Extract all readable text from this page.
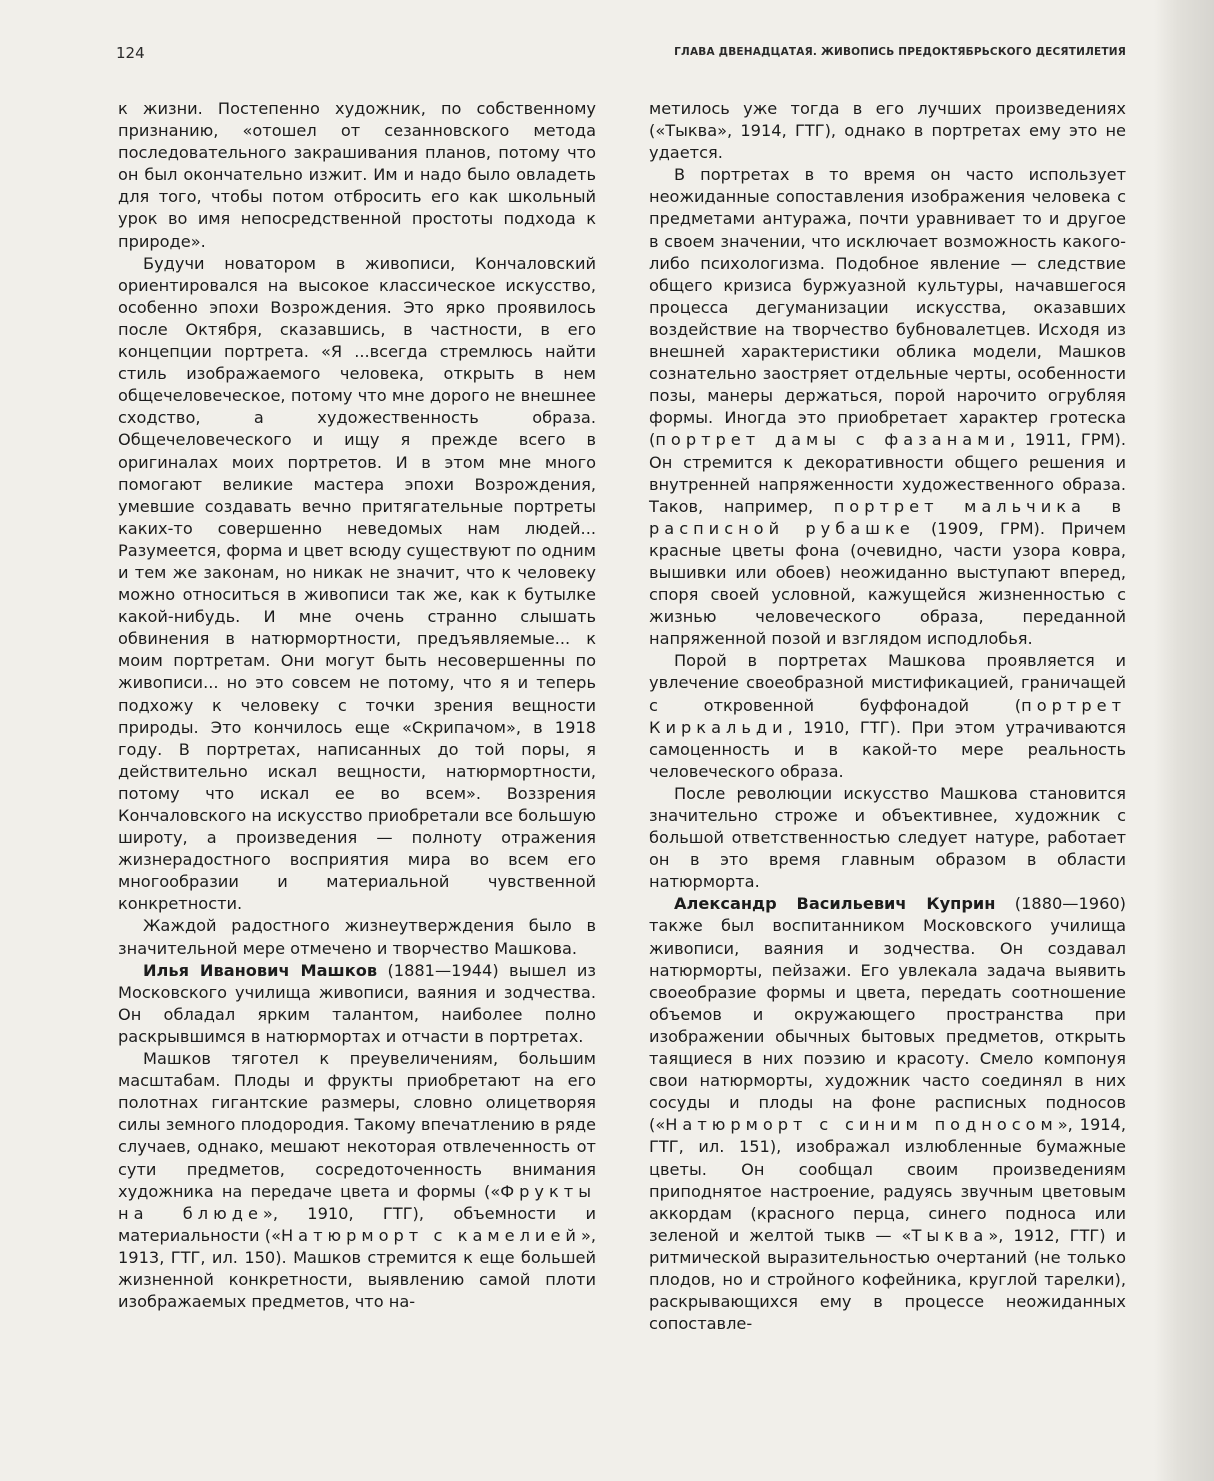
124	ГЛАВА ДВЕНАДЦАТАЯ. ЖИВОПИСЬ ПРЕДОКТЯБРЬСКОГО ДЕСЯТИЛЕТИЯ

к жизни. Постепенно художник, по собственному признанию, «отошел от сезанновского метода последовательного закрашивания планов, потому что он был окончательно изжит. Им и надо было овладеть для того, чтобы потом отбросить его как школьный урок во имя непосредственной простоты подхода к природе».

Будучи новатором в живописи, Кончаловский ориентировался на высокое классическое искусство, особенно эпохи Возрождения. Это ярко проявилось после Октября, сказавшись, в частности, в его концепции портрета. «Я ...всегда стремлюсь найти стиль изображаемого человека, открыть в нем общечеловеческое, потому что мне дорого не внешнее сходство, а художественность образа. Общечеловеческого и ищу я прежде всего в оригиналах моих портретов. И в этом мне много помогают великие мастера эпохи Возрождения, умевшие создавать вечно притягательные портреты каких-то совершенно неведомых нам людей... Разумеется, форма и цвет всюду существуют по одним и тем же законам, но никак не значит, что к человеку можно относиться в живописи так же, как к бутылке какой-нибудь. И мне очень странно слышать обвинения в натюрмортности, предъявляемые... к моим портретам. Они могут быть несовершенны по живописи... но это совсем не потому, что я и теперь подхожу к человеку с точки зрения вещности природы. Это кончилось еще «Скрипачом», в 1918 году. В портретах, написанных до той поры, я действительно искал вещности, натюрмортности, потому что искал ее во всем». Воззрения Кончаловского на искусство приобретали все большую широту, а произведения — полноту отражения жизнерадостного восприятия мира во всем его многообразии и материальной чувственной конкретности.

Жаждой радостного жизнеутверждения было в значительной мере отмечено и творчество Машкова.

Илья Иванович Машков (1881—1944) вышел из Московского училища живописи, ваяния и зодчества. Он обладал ярким талантом, наиболее полно раскрывшимся в натюрмортах и отчасти в портретах.

Машков тяготел к преувеличениям, большим масштабам. Плоды и фрукты приобретают на его полотнах гигантские размеры, словно олицетворяя силы земного плодородия. Такому впечатлению в ряде случаев, однако, мешают некоторая отвлеченность от сути предметов, сосредоточенность внимания художника на передаче цвета и формы («Фрукты на блюде», 1910, ГТГ), объемности и материальности («Натюрморт с камелией», 1913, ГТГ, ил. 150). Машков стремится к еще большей жизненной конкретности, выявлению самой плоти изображаемых предметов, что на-

метилось уже тогда в его лучших произведениях («Тыква», 1914, ГТГ), однако в портретах ему это не удается.

В портретах в то время он часто использует неожиданные сопоставления изображения человека с предметами антуража, почти уравнивает то и другое в своем значении, что исключает возможность какого-либо психологизма. Подобное явление — следствие общего кризиса буржуазной культуры, начавшегося процесса дегуманизации искусства, оказавших воздействие на творчество бубновалетцев. Исходя из внешней характеристики облика модели, Машков сознательно заостряет отдельные черты, особенности позы, манеры держаться, порой нарочито огрубляя формы. Иногда это приобретает характер гротеска (портрет дамы с фазанами, 1911, ГРМ). Он стремится к декоративности общего решения и внутренней напряженности художественного образа. Таков, например, портрет мальчика в расписной рубашке (1909, ГРМ). Причем красные цветы фона (очевидно, части узора ковра, вышивки или обоев) неожиданно выступают вперед, споря своей условной, кажущейся жизненностью с жизнью человеческого образа, переданной напряженной позой и взглядом исподлобья.

Порой в портретах Машкова проявляется и увлечение своеобразной мистификацией, граничащей с откровенной буффонадой (портрет Киркальди, 1910, ГТГ). При этом утрачиваются самоценность и в какой-то мере реальность человеческого образа.

После революции искусство Машкова становится значительно строже и объективнее, художник с большой ответственностью следует натуре, работает он в это время главным образом в области натюрморта.

Александр Васильевич Куприн (1880—1960) также был воспитанником Московского училища живописи, ваяния и зодчества. Он создавал натюрморты, пейзажи. Его увлекала задача выявить своеобразие формы и цвета, передать соотношение объемов и окружающего пространства при изображении обычных бытовых предметов, открыть таящиеся в них поэзию и красоту. Смело компонуя свои натюрморты, художник часто соединял в них сосуды и плоды на фоне расписных подносов («Натюрморт с синим подносом», 1914, ГТГ, ил. 151), изображал излюбленные бумажные цветы. Он сообщал своим произведениям приподнятое настроение, радуясь звучным цветовым аккордам (красного перца, синего подноса или зеленой и желтой тыкв — «Тыква», 1912, ГТГ) и ритмической выразительностью очертаний (не только плодов, но и стройного кофейника, круглой тарелки), раскрывающихся ему в процессе неожиданных сопоставле-
